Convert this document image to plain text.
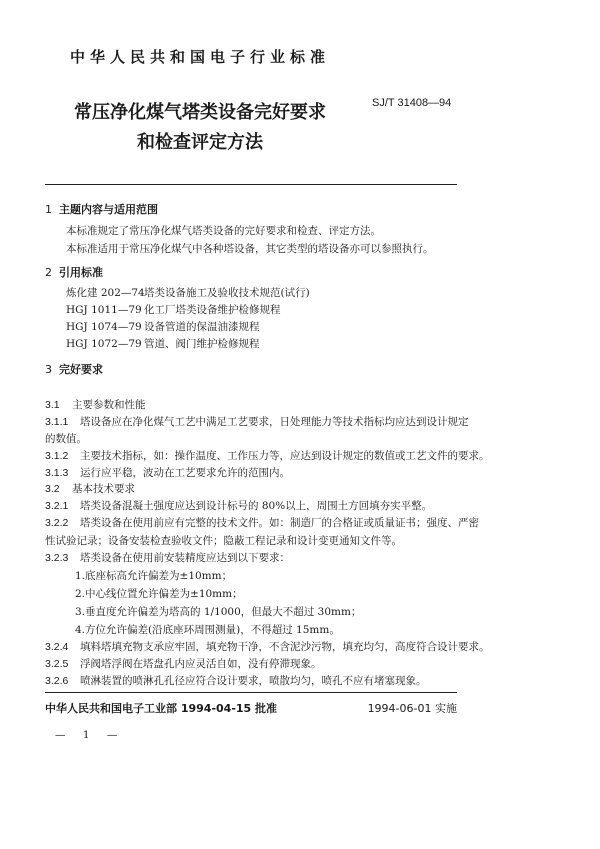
中华人民共和国电子行业标准
常压净化煤气塔类设备完好要求
和检查评定方法
SJ/T 31408—94
1 主题内容与适用范围
本标准规定了常压净化煤气塔类设备的完好要求和检查、评定方法。
本标准适用于常压净化煤气中各种塔设备，其它类型的塔设备亦可以参照执行。
2 引用标准
炼化建 202—74塔类设备施工及验收技术规范(试行)
HGJ 1011—79 化工厂塔类设备维护检修规程
HGJ 1074—79 设备管道的保温油漆规程
HGJ 1072—79 管道、阀门维护检修规程
3 完好要求
3.1 主要参数和性能
3.1.1 塔设备应在净化煤气工艺中满足工艺要求，日处理能力等技术指标均应达到设计规定
的数值。
3.1.2 主要技术指标，如：操作温度、工作压力等，应达到设计规定的数值或工艺文件的要求。
3.1.3 运行应平稳，波动在工艺要求允许的范围内。
3.2 基本技术要求
3.2.1 塔类设备混凝土强度应达到设计标号的 80%以上，周围土方回填夯实平整。
3.2.2 塔类设备在使用前应有完整的技术文件。如：制造厂的合格证或质量证书；强度、严密
性试验记录；设备安装检查验收文件；隐蔽工程记录和设计变更通知文件等。
3.2.3 塔类设备在使用前安装精度应达到以下要求：
1.底座标高允许偏差为±10mm；
2.中心线位置允许偏差为±10mm；
3.垂直度允许偏差为塔高的 1/1000，但最大不超过 30mm；
4.方位允许偏差(沿底座环周围测量)，不得超过 15mm。
3.2.4 填料塔填充物支承应牢固，填充物干净，不含泥沙污物，填充均匀，高度符合设计要求。
3.2.5 浮阀塔浮阀在塔盘孔内应灵活自如，没有停滞现象。
3.2.6 喷淋装置的喷淋孔孔径应符合设计要求，喷散均匀，喷孔不应有堵塞现象。
中华人民共和国电子工业部 1994-04-15 批准	1994-06-01 实施
— 1 —
